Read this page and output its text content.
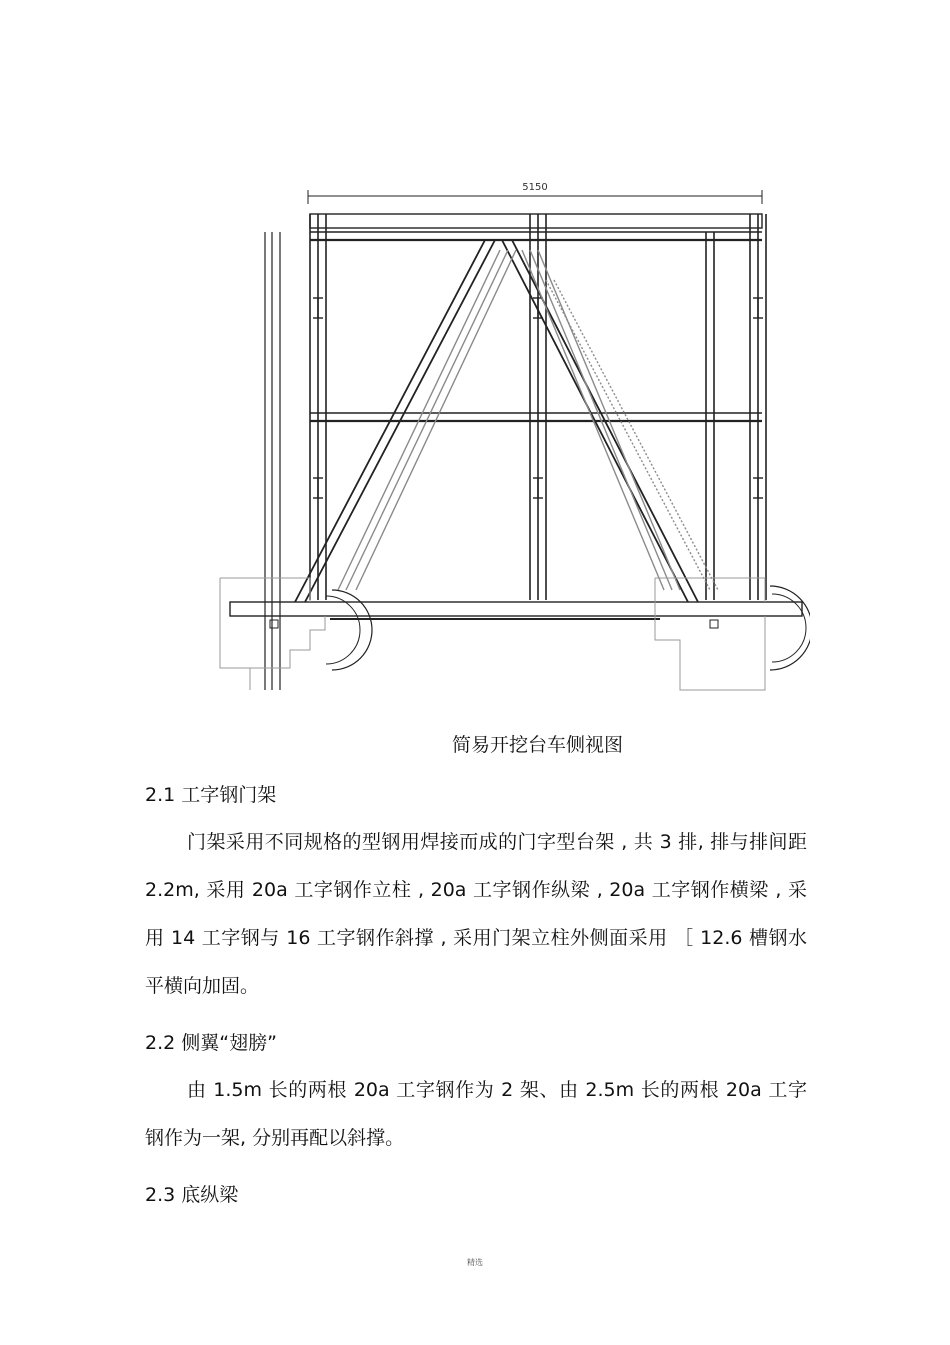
5150
简易开挖台车侧视图
2.1 工字钢门架

门架采用不同规格的型钢用焊接而成的门字型台架 , 共 3 排, 排与排间距 2.2m, 采用 20a 工字钢作立柱 , 20a 工字钢作纵梁 , 20a 工字钢作横梁 , 采用 14 工字钢与 16 工字钢作斜撑 , 采用门架立柱外侧面采用 ［ 12.6 槽钢水平横向加固。

2.2 侧翼“翅膀”

由 1.5m 长的两根 20a 工字钢作为 2 架、由 2.5m 长的两根 20a 工字钢作为一架, 分别再配以斜撑。

2.3 底纵梁
精选
